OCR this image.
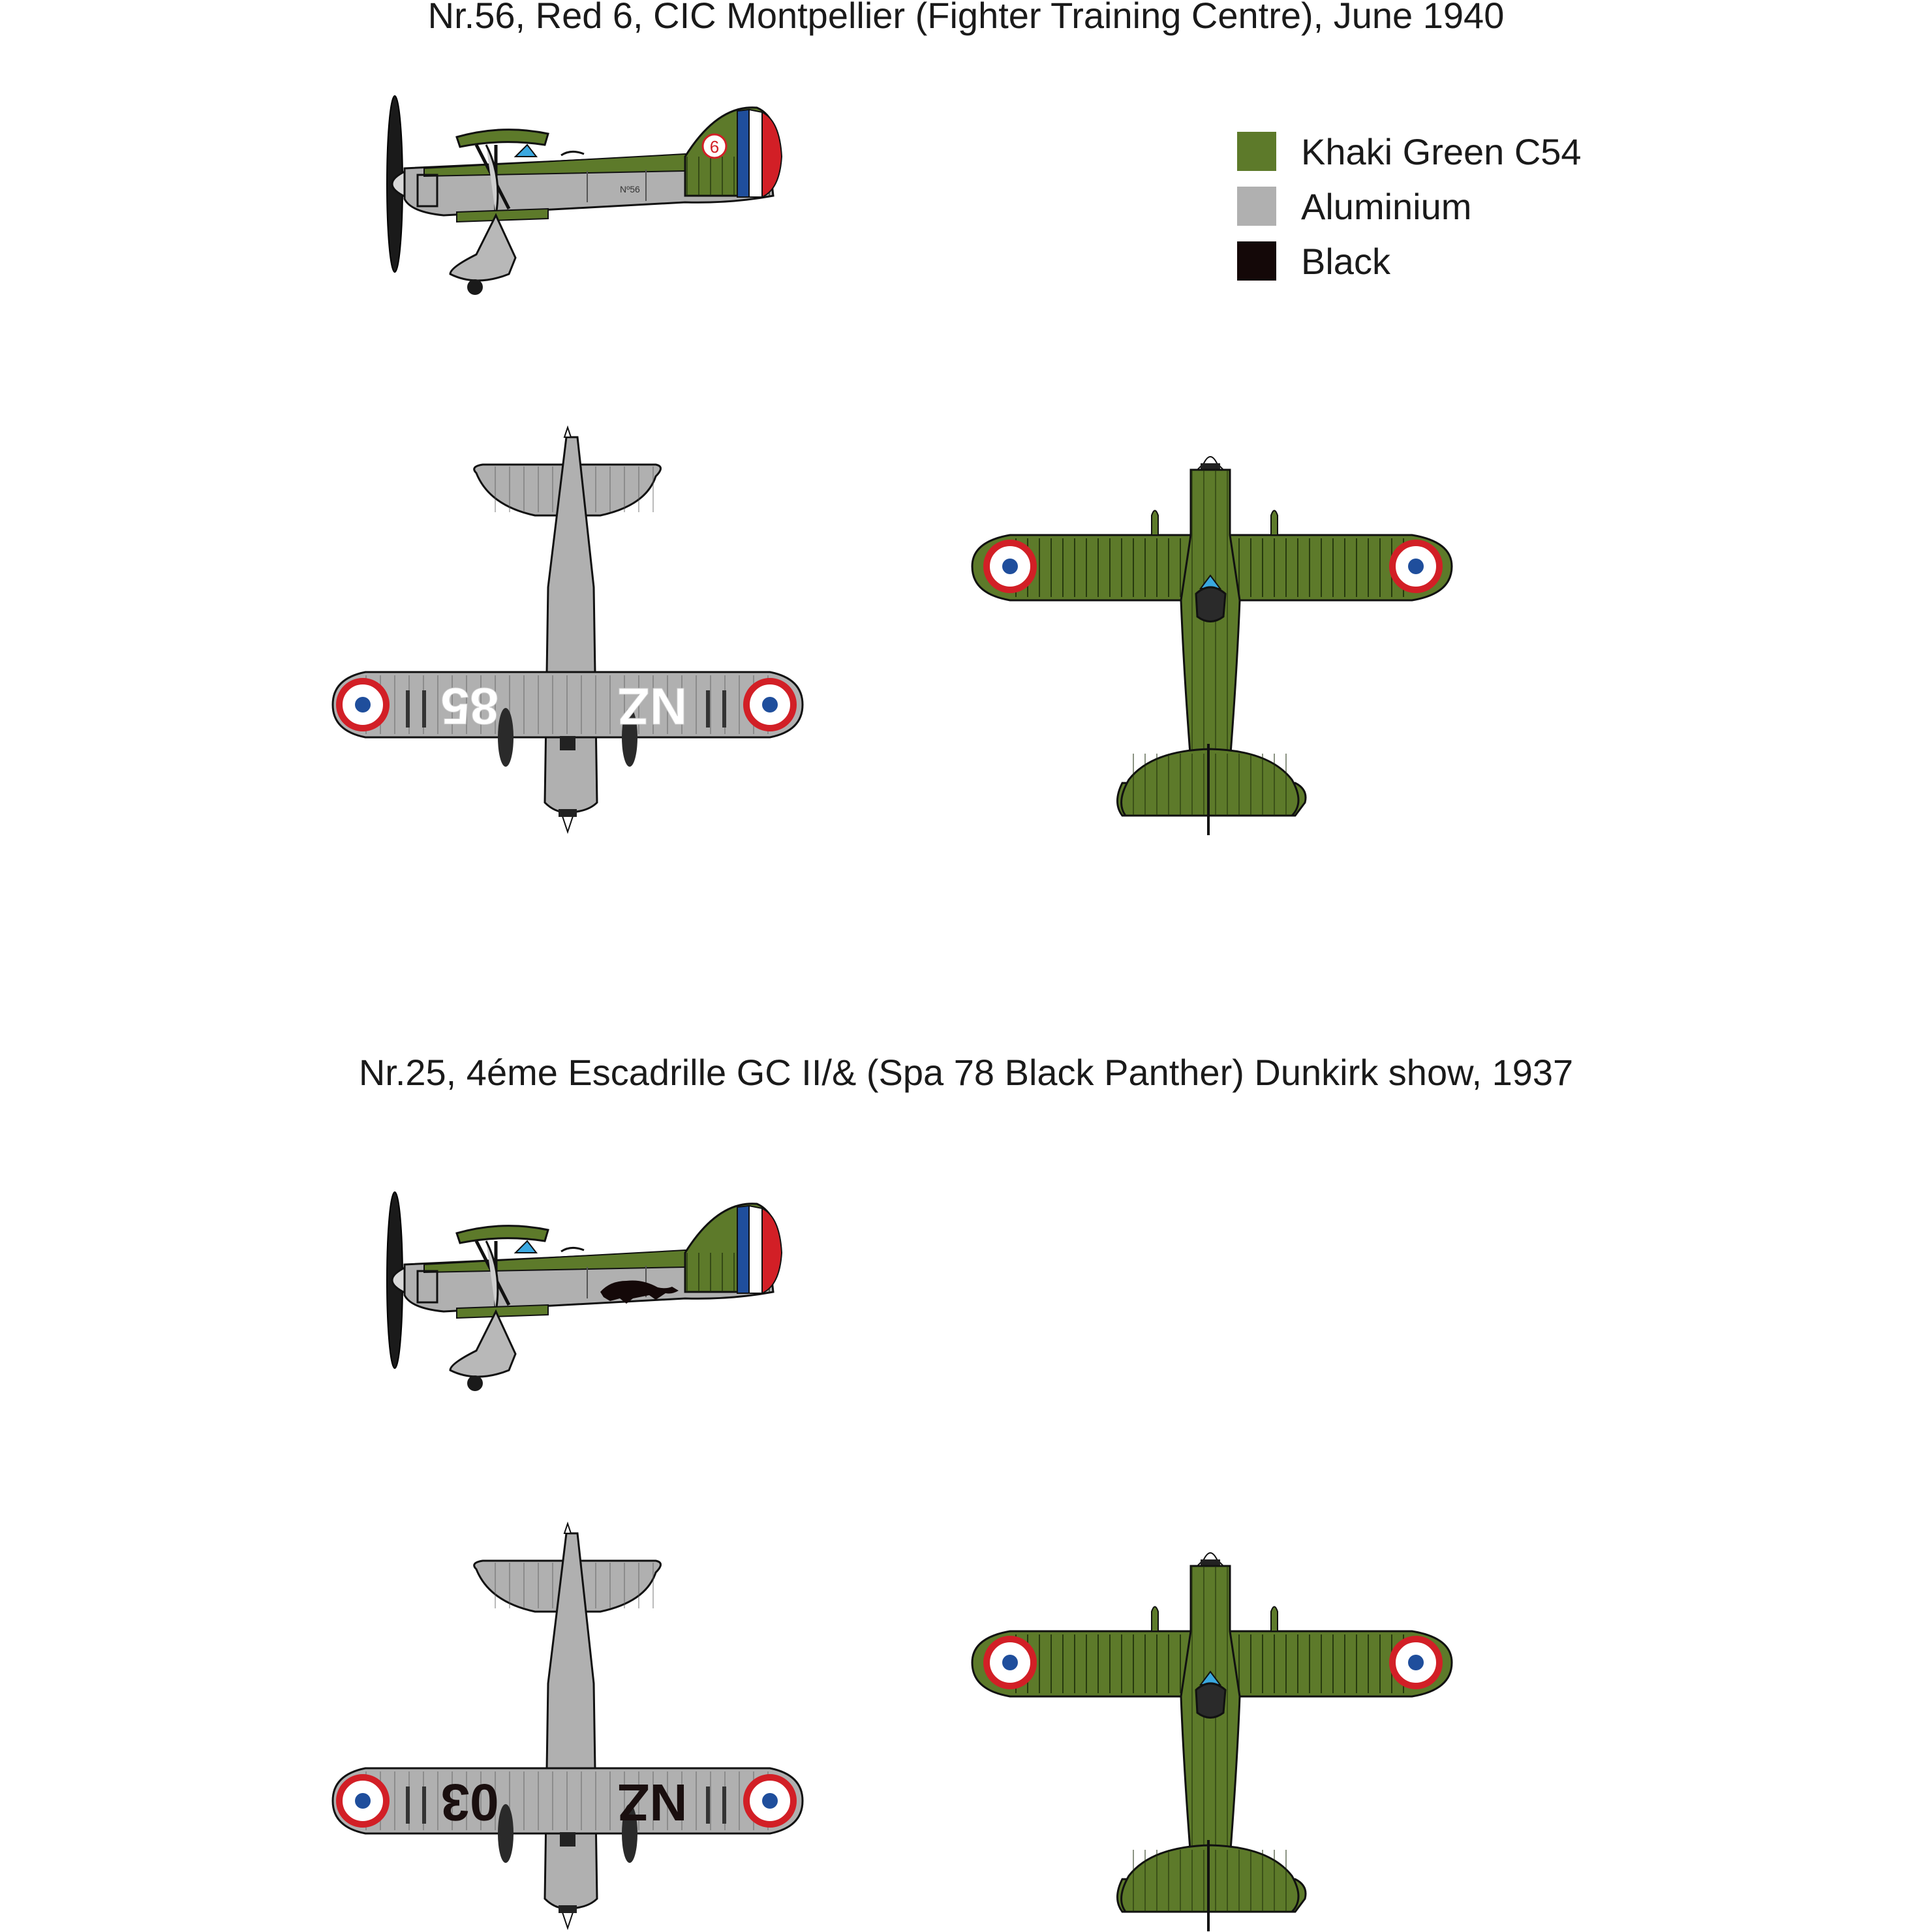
Nr.56, Red 6, CIC Montpellier (Fighter Training Centre), June 1940
Nr.25, 4éme Escadrille GC II/& (Spa 78 Black Panther) Dunkirk show, 1937
Khaki Green C54
Aluminium
Black
6
Nº56
NZ
85
NZ
03
